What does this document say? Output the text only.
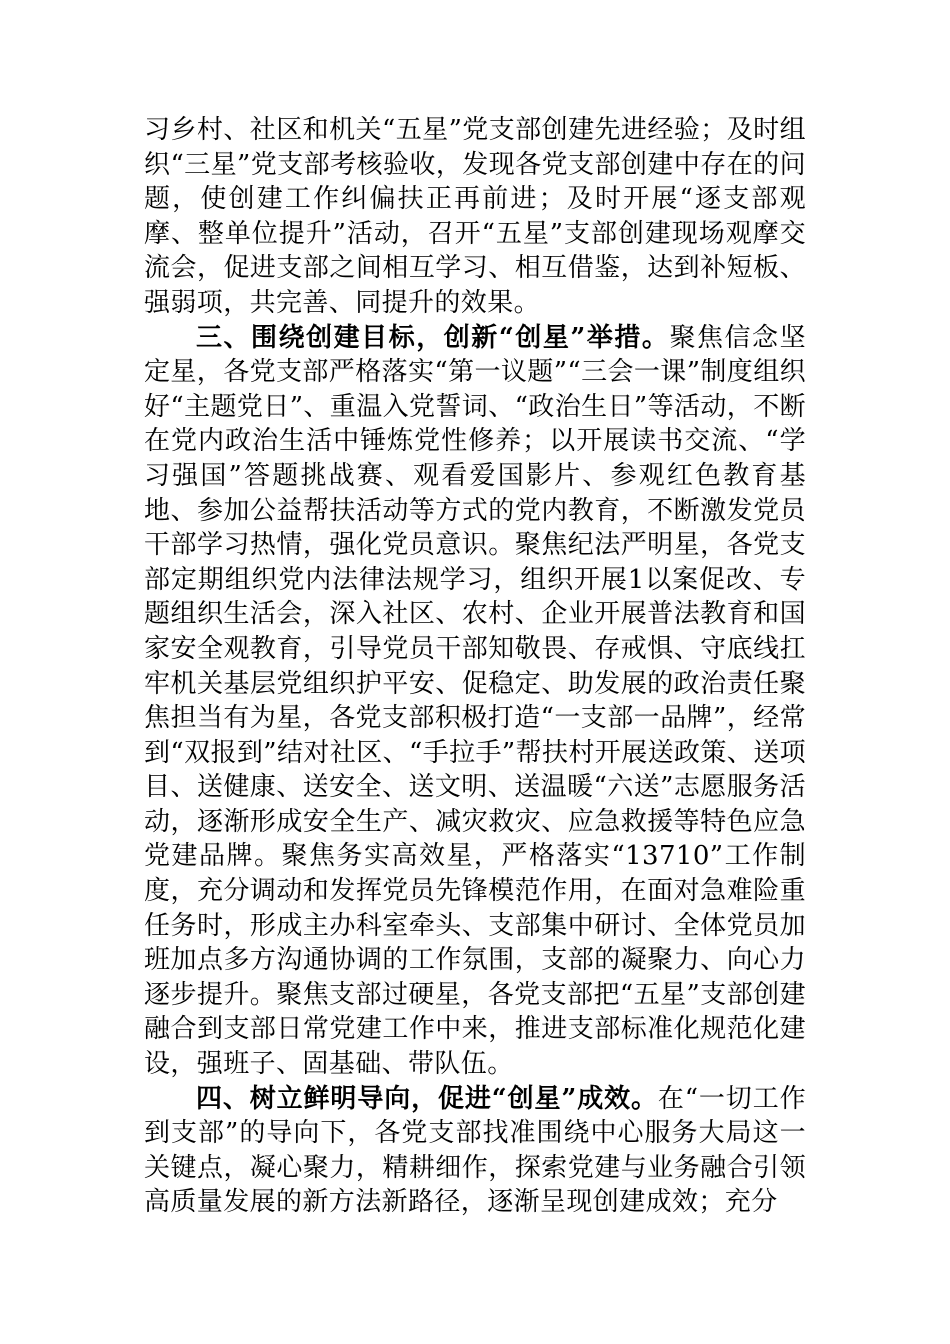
习乡村、社区和机关“五星”党支部创建先进经验；及时组织“三星”党支部考核验收，发现各党支部创建中存在的问题，使创建工作纠偏扶正再前进；及时开展“逐支部观摩、整单位提升”活动，召开“五星”支部创建现场观摩交流会，促进支部之间相互学习、相互借鉴，达到补短板、强弱项，共完善、同提升的效果。

三、围绕创建目标，创新“创星”举措。聚焦信念坚定星，各党支部严格落实“第一议题”“三会一课”制度组织好“主题党日”、重温入党誓词、“政治生日”等活动，不断在党内政治生活中锤炼党性修养；以开展读书交流、“学习强国”答题挑战赛、观看爱国影片、参观红色教育基地、参加公益帮扶活动等方式的党内教育，不断激发党员干部学习热情，强化党员意识。聚焦纪法严明星，各党支部定期组织党内法律法规学习，组织开展1以案促改、专题组织生活会，深入社区、农村、企业开展普法教育和国家安全观教育，引导党员干部知敬畏、存戒惧、守底线扛牢机关基层党组织护平安、促稳定、助发展的政治责任聚焦担当有为星，各党支部积极打造“一支部一品牌”，经常到“双报到”结对社区、“手拉手”帮扶村开展送政策、送项目、送健康、送安全、送文明、送温暖“六送”志愿服务活动，逐渐形成安全生产、减灾救灾、应急救援等特色应急党建品牌。聚焦务实高效星，严格落实“13710”工作制度，充分调动和发挥党员先锋模范作用，在面对急难险重任务时，形成主办科室牵头、支部集中研讨、全体党员加班加点多方沟通协调的工作氛围，支部的凝聚力、向心力逐步提升。聚焦支部过硬星，各党支部把“五星”支部创建融合到支部日常党建工作中来，推进支部标准化规范化建设，强班子、固基础、带队伍。

四、树立鲜明导向，促进“创星”成效。在“一切工作到支部”的导向下，各党支部找准围绕中心服务大局这一关键点，凝心聚力，精耕细作，探索党建与业务融合引领高质量发展的新方法新路径，逐渐呈现创建成效；充分
